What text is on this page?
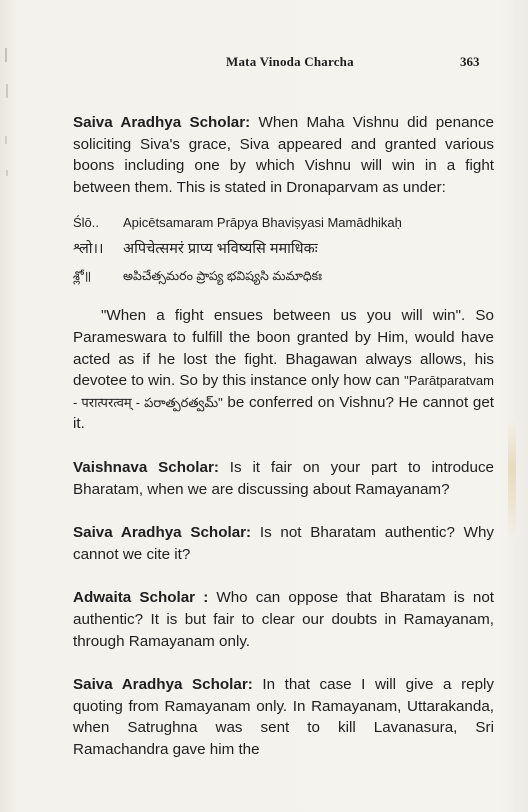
Mata Vinoda Charcha	363

Saiva Aradhya Scholar: When Maha Vishnu did penance soliciting Siva's grace, Siva appeared and granted various boons including one by which Vishnu will win in a fight between them. This is stated in Dronaparvam as under:

Ślō..	Apicētsamaram Prāpya Bhaviṣyasi Mamādhikaḥ
श्लो।।	अपिचेत्समरं प्राप्य भविष्यसि ममाधिकः
శ్లో॥	అపిచేత్సమరం ప్రాప్య భవిష్యసి మమాధికః

"When a fight ensues between us you will win". So Parameswara to fulfill the boon granted by Him, would have acted as if he lost the fight. Bhagawan always allows, his devotee to win. So by this instance only how can "Parātparatvam - परात्परत्वम् - పరాత్పరత్వమ్" be conferred on Vishnu? He cannot get it.

Vaishnava Scholar: Is it fair on your part to introduce Bharatam, when we are discussing about Ramayanam?

Saiva Aradhya Scholar: Is not Bharatam authentic? Why cannot we cite it?

Adwaita Scholar : Who can oppose that Bharatam is not authentic? It is but fair to clear our doubts in Ramayanam, through Ramayanam only.

Saiva Aradhya Scholar: In that case I will give a reply quoting from Ramayanam only. In Ramayanam, Uttarakanda, when Satrughna was sent to kill Lavanasura, Sri Ramachandra gave him the
